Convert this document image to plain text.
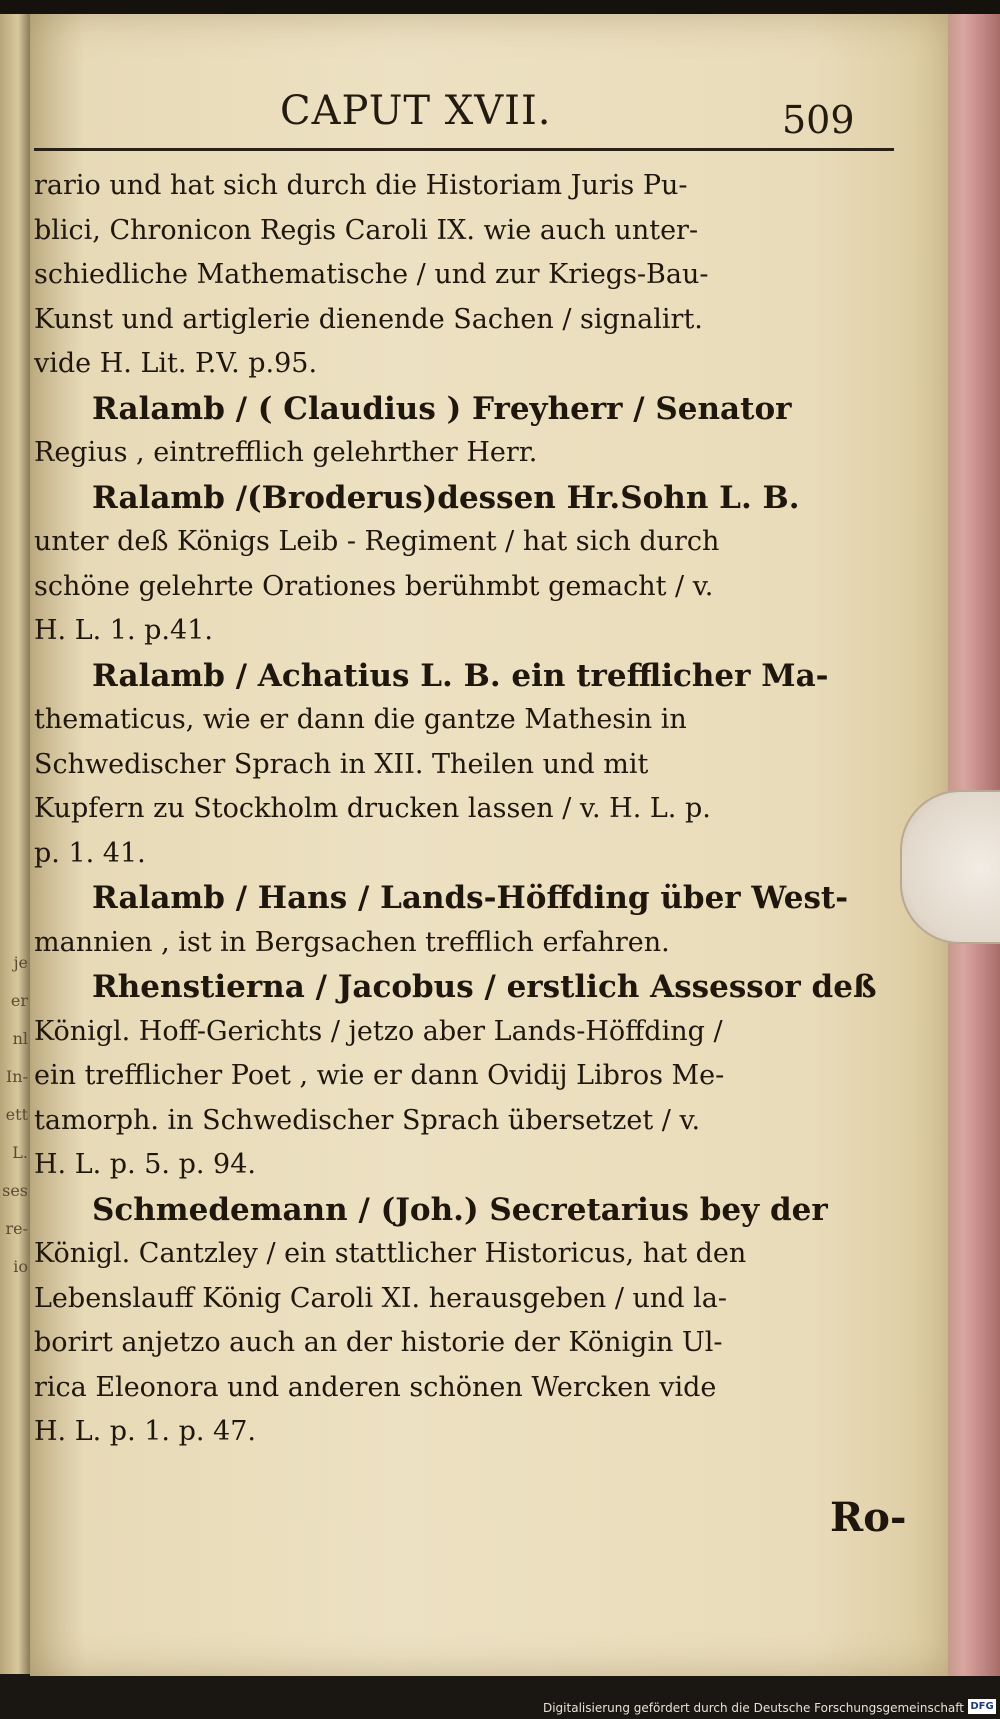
je
er
nl
In-
ett
L.
ses
re-
io
CAPUT XVII.	509
rario und hat sich durch die Historiam Juris Pu-
blici, Chronicon Regis Caroli IX. wie auch unter-
schiedliche Mathematische / und zur Kriegs-Bau-
Kunst und artiglerie dienende Sachen / signalirt.
vide H. Lit. P.V. p.95.
Ralamb / ( Claudius ) Freyherr / Senator
Regius , eintrefflich gelehrther Herr.
Ralamb /(Broderus)dessen Hr.Sohn L. B.
unter deß Königs Leib - Regiment / hat sich durch
schöne gelehrte Orationes berühmbt gemacht / v.
H. L. 1. p.41.
Ralamb / Achatius L. B. ein trefflicher Ma-
thematicus, wie er dann die gantze Mathesin in
Schwedischer Sprach in XII. Theilen und mit
Kupfern zu Stockholm drucken lassen / v. H. L. p.
p. 1. 41.
Ralamb / Hans / Lands-Höffding über West-
mannien , ist in Bergsachen trefflich erfahren.
Rhenstierna / Jacobus / erstlich Assessor deß
Königl. Hoff-Gerichts / jetzo aber Lands-Höffding /
ein trefflicher Poet , wie er dann Ovidij Libros Me-
tamorph. in Schwedischer Sprach übersetzet / v.
H. L. p. 5. p. 94.
Schmedemann / (Joh.) Secretarius bey der
Königl. Cantzley / ein stattlicher Historicus, hat den
Lebenslauff König Caroli XI. herausgeben / und la-
borirt anjetzo auch an der historie der Königin Ul-
rica Eleonora und anderen schönen Wercken vide
H. L. p. 1. p. 47.
Ro-
Digitalisierung gefördert durch die Deutsche Forschungsgemeinschaft DFG
